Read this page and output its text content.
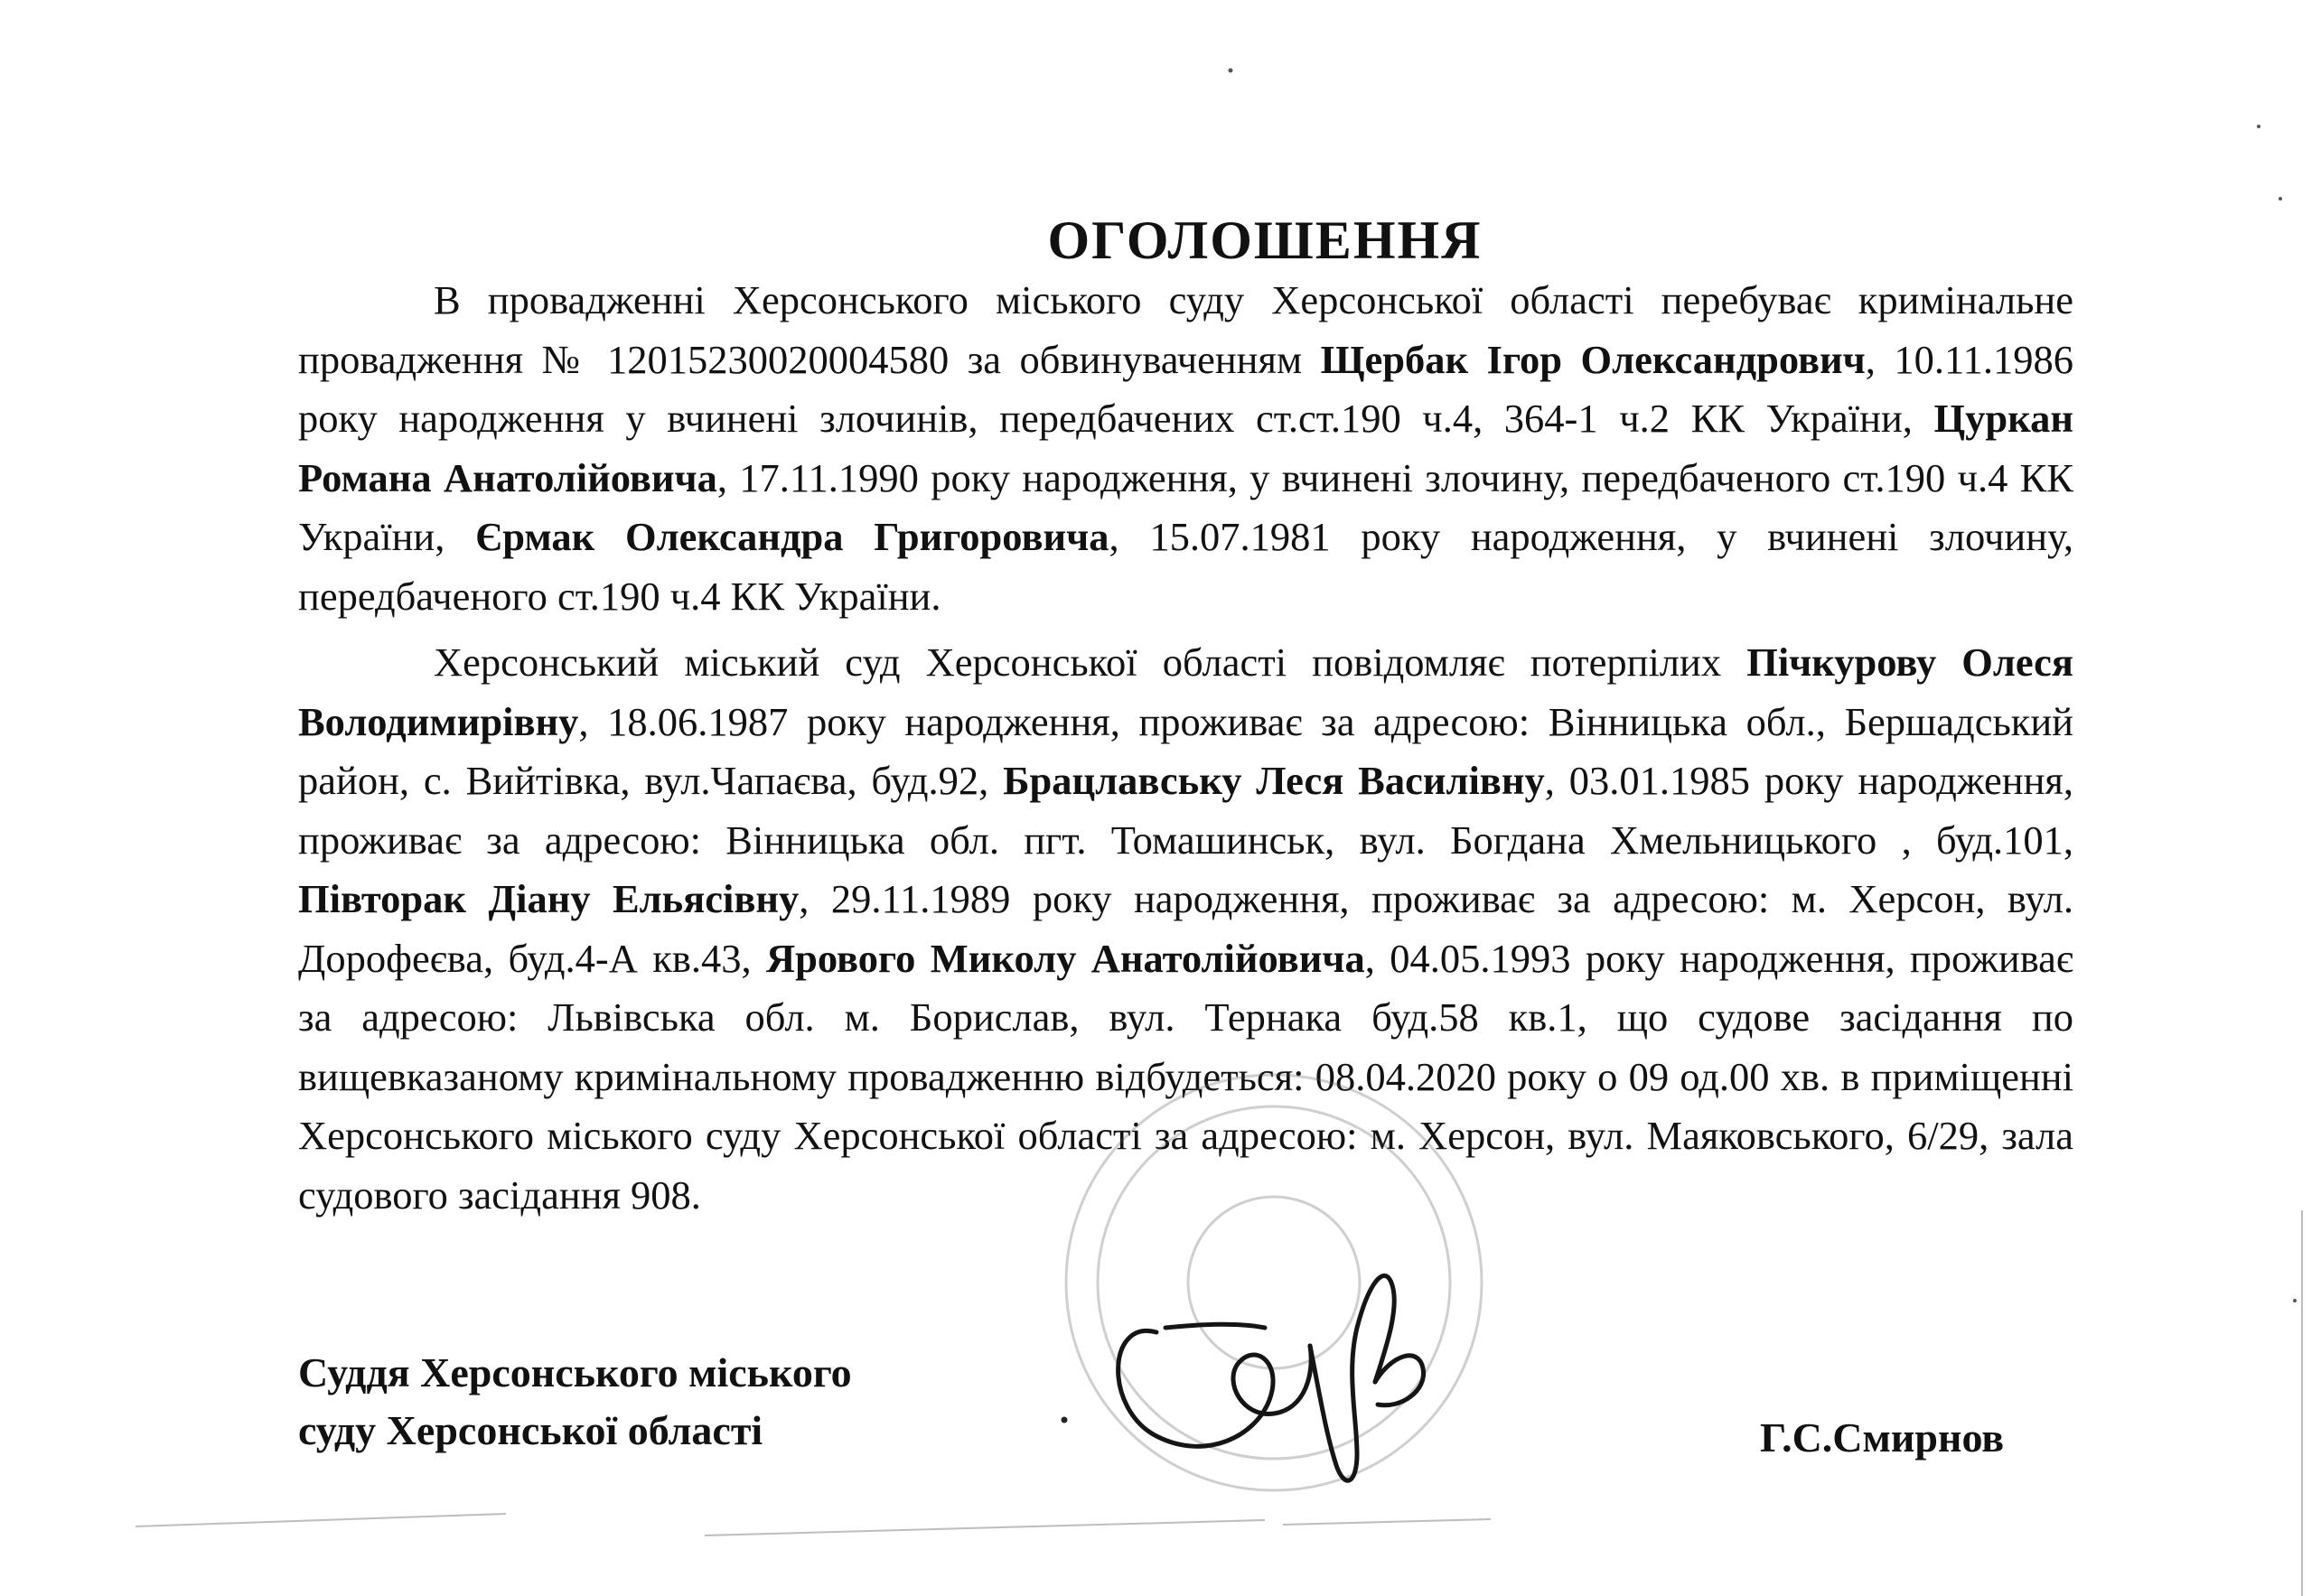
ОГОЛОШЕННЯ

В провадженні Херсонського міського суду Херсонської області перебуває кримінальне провадження № 12015230020004580 за обвинуваченням Щербак Ігор Олександрович, 10.11.1986 року народження у вчинені злочинів, передбачених ст.ст.190 ч.4, 364-1 ч.2 КК України, Цуркан Романа Анатолійовича, 17.11.1990 року народження, у вчинені злочину, передбаченого ст.190 ч.4 КК України, Єрмак Олександра Григоровича, 15.07.1981 року народження, у вчинені злочину, передбаченого ст.190 ч.4 КК України.

Херсонський міський суд Херсонської області повідомляє потерпілих Пічкурову Олеся Володимирівну, 18.06.1987 року народження, проживає за адресою: Вінницька обл., Бершадський район, с. Вийтівка, вул.Чапаєва, буд.92, Брацлавську Леся Василівну, 03.01.1985 року народження, проживає за адресою: Вінницька обл. пгт. Томашинськ, вул. Богдана Хмельницького , буд.101, Півторак Діану Ельясівну, 29.11.1989 року народження, проживає за адресою: м. Херсон, вул. Дорофеєва, буд.4-А кв.43, Ярового Миколу Анатолійовича, 04.05.1993 року народження, проживає за адресою: Львівська обл. м. Борислав, вул. Тернака буд.58 кв.1, що судове засідання по вищевказаному кримінальному провадженню відбудеться: 08.04.2020 року о 09 од.00 хв. в приміщенні Херсонського міського суду Херсонської області за адресою: м. Херсон, вул. Маяковського, 6/29, зала судового засідання 908.

Суддя Херсонського міського
суду Херсонської області	Г.С.Смирнов
